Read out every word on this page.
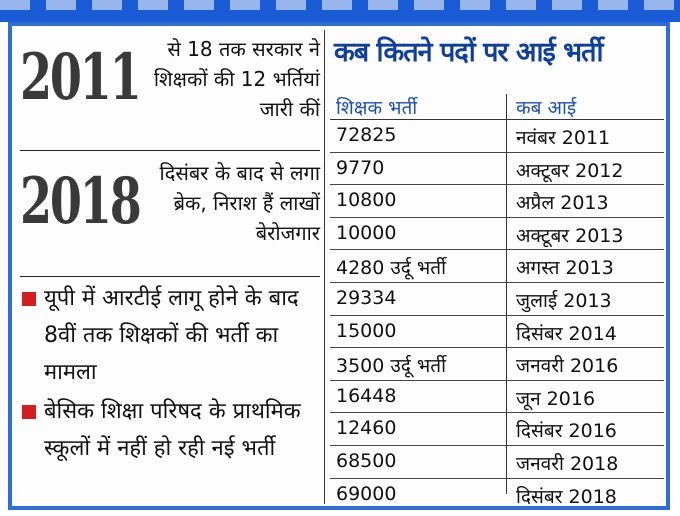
2011	से 18 तक सरकार ने शिक्षकों की 12 भर्तियां जारी कीं
2018 दिसंबर के बाद से लगा ब्रेक, निराश हैं लाखों बेरोजगार
यूपी में आरटीई लागू होने के बाद 8वीं तक शिक्षकों की भर्ती का मामला
बेसिक शिक्षा परिषद के प्राथमिक स्कूलों में नहीं हो रही नई भर्ती
कब कितने पदों पर आई भर्ती
शिक्षक भर्ती	कब आई
72825	नवंबर 2011
9770	अक्टूबर 2012
10800	अप्रैल 2013
10000	अक्टूबर 2013
4280 उर्दू भर्ती	अगस्त 2013
29334	जुलाई 2013
15000	दिसंबर 2014
3500 उर्दू भर्ती	जनवरी 2016
16448	जून 2016
12460	दिसंबर 2016
68500	जनवरी 2018
69000	दिसंबर 2018
